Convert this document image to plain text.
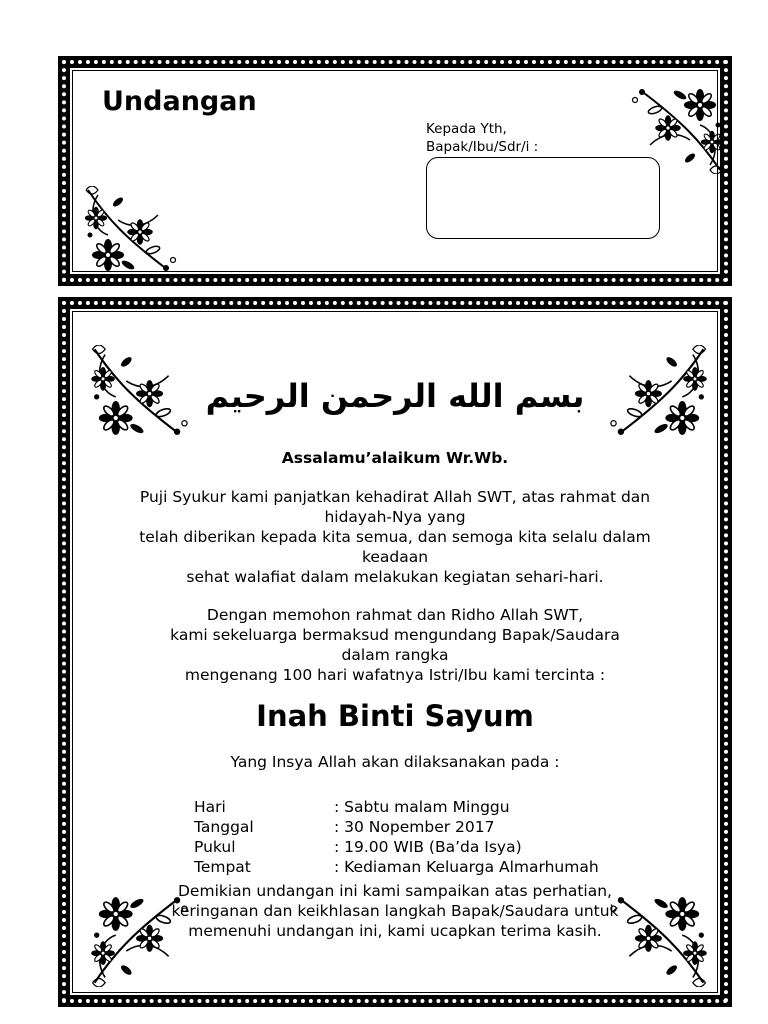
Undangan
Kepada Yth,
Bapak/Ibu/Sdr/i :
بسم الله الرحمن الرحيم
Assalamu’alaikum Wr.Wb.
Puji Syukur kami panjatkan kehadirat Allah SWT, atas rahmat dan
hidayah-Nya yang
telah diberikan kepada kita semua, dan semoga kita selalu dalam
keadaan
sehat walafiat dalam melakukan kegiatan sehari-hari.
Dengan memohon rahmat dan Ridho Allah SWT,
kami sekeluarga bermaksud mengundang Bapak/Saudara
dalam rangka
mengenang 100 hari wafatnya Istri/Ibu kami tercinta :
Inah Binti Sayum
Yang Insya Allah akan dilaksanakan pada :
Hari	: Sabtu malam Minggu
Tanggal	: 30 Nopember 2017
Pukul	: 19.00 WIB (Ba’da Isya)
Tempat	: Kediaman Keluarga Almarhumah
Demikian undangan ini kami sampaikan atas perhatian,
keringanan dan keikhlasan langkah Bapak/Saudara untuk
memenuhi undangan ini, kami ucapkan terima kasih.
